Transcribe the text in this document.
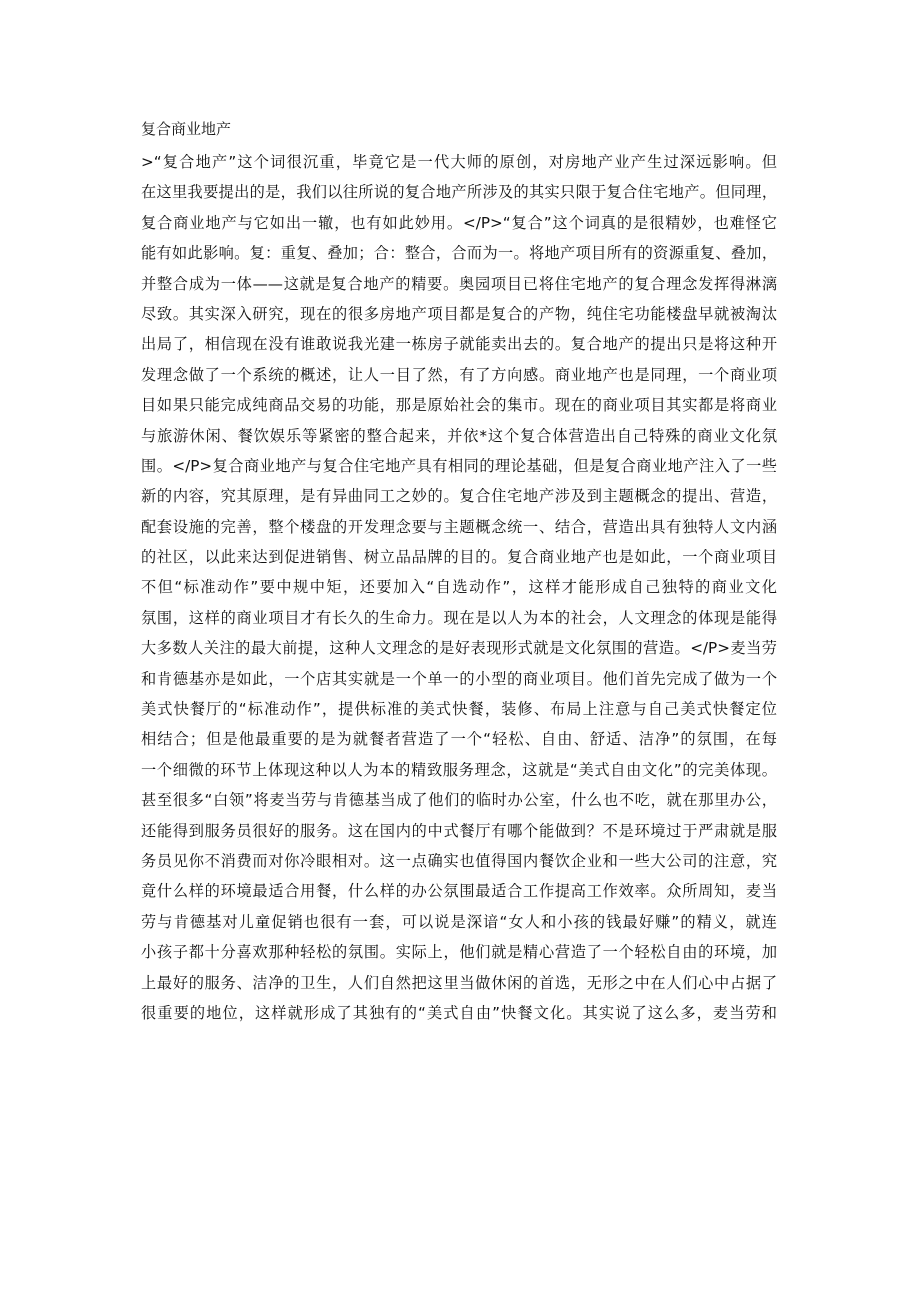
复合商业地产
>“复合地产”这个词很沉重，毕竟它是一代大师的原创，对房地产业产生过深远影响。但
在这里我要提出的是，我们以往所说的复合地产所涉及的其实只限于复合住宅地产。但同理，
复合商业地产与它如出一辙，也有如此妙用。</P>“复合”这个词真的是很精妙，也难怪它
能有如此影响。复：重复、叠加；合：整合，合而为一。将地产项目所有的资源重复、叠加，
并整合成为一体——这就是复合地产的精要。奥园项目已将住宅地产的复合理念发挥得淋漓
尽致。其实深入研究，现在的很多房地产项目都是复合的产物，纯住宅功能楼盘早就被淘汰
出局了，相信现在没有谁敢说我光建一栋房子就能卖出去的。复合地产的提出只是将这种开
发理念做了一个系统的概述，让人一目了然，有了方向感。商业地产也是同理，一个商业项
目如果只能完成纯商品交易的功能，那是原始社会的集市。现在的商业项目其实都是将商业
与旅游休闲、餐饮娱乐等紧密的整合起来，并依*这个复合体营造出自己特殊的商业文化氛
围。</P>复合商业地产与复合住宅地产具有相同的理论基础，但是复合商业地产注入了一些
新的内容，究其原理，是有异曲同工之妙的。复合住宅地产涉及到主题概念的提出、营造，
配套设施的完善，整个楼盘的开发理念要与主题概念统一、结合，营造出具有独特人文内涵
的社区，以此来达到促进销售、树立品品牌的目的。复合商业地产也是如此，一个商业项目
不但“标准动作”要中规中矩，还要加入“自选动作”，这样才能形成自己独特的商业文化
氛围，这样的商业项目才有长久的生命力。现在是以人为本的社会，人文理念的体现是能得
大多数人关注的最大前提，这种人文理念的是好表现形式就是文化氛围的营造。</P>麦当劳
和肯德基亦是如此，一个店其实就是一个单一的小型的商业项目。他们首先完成了做为一个
美式快餐厅的“标准动作”，提供标准的美式快餐，装修、布局上注意与自己美式快餐定位
相结合；但是他最重要的是为就餐者营造了一个“轻松、自由、舒适、洁净”的氛围，在每
一个细微的环节上体现这种以人为本的精致服务理念，这就是“美式自由文化”的完美体现。
甚至很多“白领”将麦当劳与肯德基当成了他们的临时办公室，什么也不吃，就在那里办公，
还能得到服务员很好的服务。这在国内的中式餐厅有哪个能做到？不是环境过于严肃就是服
务员见你不消费而对你冷眼相对。这一点确实也值得国内餐饮企业和一些大公司的注意，究
竟什么样的环境最适合用餐，什么样的办公氛围最适合工作提高工作效率。众所周知，麦当
劳与肯德基对儿童促销也很有一套，可以说是深谙“女人和小孩的钱最好赚”的精义，就连
小孩子都十分喜欢那种轻松的氛围。实际上，他们就是精心营造了一个轻松自由的环境，加
上最好的服务、洁净的卫生，人们自然把这里当做休闲的首选，无形之中在人们心中占据了
很重要的地位，这样就形成了其独有的“美式自由”快餐文化。其实说了这么多，麦当劳和
